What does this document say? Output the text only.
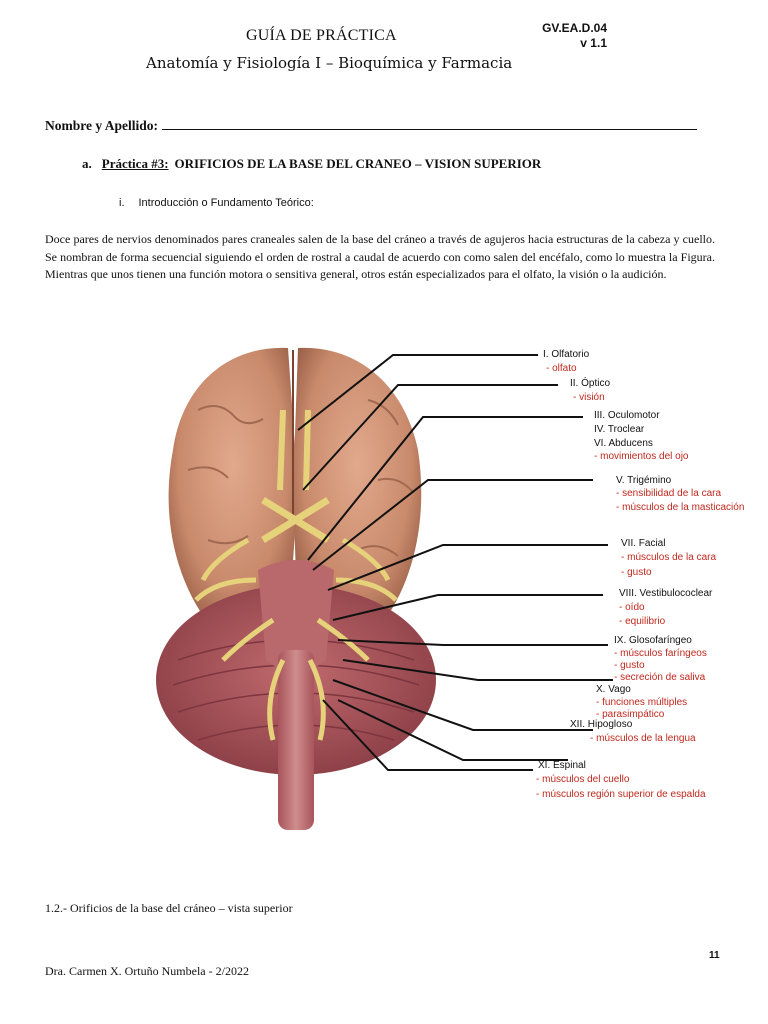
GUÍA DE PRÁCTICA
Anatomía y Fisiología I – Bioquímica y Farmacia
GV.EA.D.04
v 1.1
Nombre y Apellido:
a. Práctica #3: ORIFICIOS DE LA BASE DEL CRANEO – VISION SUPERIOR
i. Introducción o Fundamento Teórico:
Doce pares de nervios denominados pares craneales salen de la base del cráneo a través de agujeros hacia estructuras de la cabeza y cuello. Se nombran de forma secuencial siguiendo el orden de rostral a caudal de acuerdo con como salen del encéfalo, como lo muestra la Figura. Mientras que unos tienen una función motora o sensitiva general, otros están especializados para el olfato, la visión o la audición.
I. Olfatorio
- olfato
II. Óptico
- visión
III. Oculomotor
IV. Troclear
VI. Abducens
- movimientos del ojo
V. Trigémino
- sensibilidad de la cara
- músculos de la masticación
VII. Facial
- músculos de la cara
- gusto
VIII. Vestibulococlear
- oído
- equilibrio
IX. Glosofaríngeo
- músculos faríngeos
- gusto
- secreción de saliva
X. Vago
- funciones múltiples
- parasimpático
XII. Hipogloso
- músculos de la lengua
XI. Espinal
- músculos del cuello
- músculos región superior de espalda
1.2.- Orificios de la base del cráneo – vista superior
11
Dra. Carmen X. Ortuño Numbela - 2/2022
